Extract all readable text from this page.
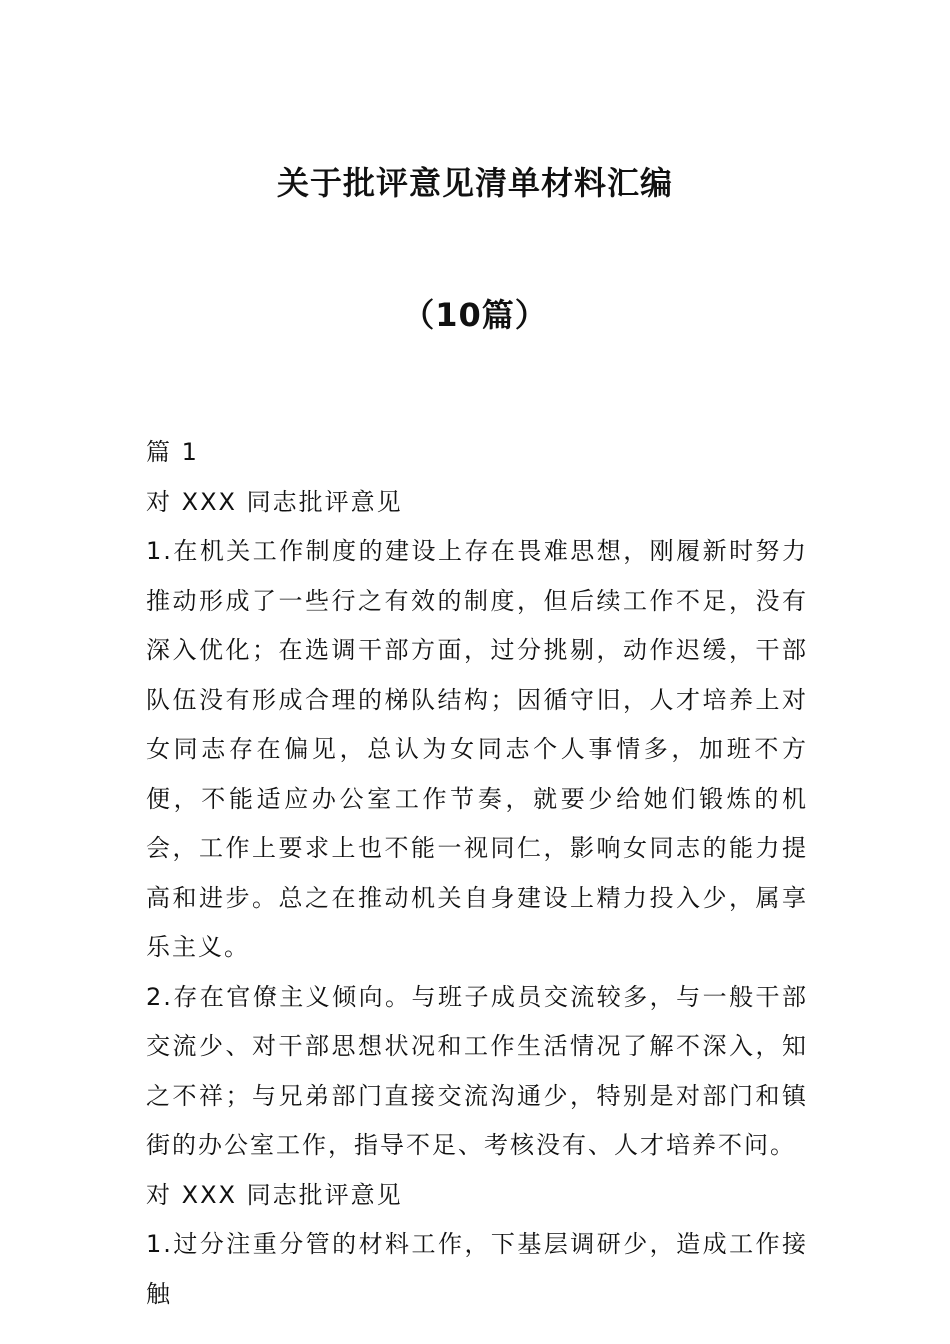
关于批评意见清单材料汇编
（10篇）

篇 1

对 XXX 同志批评意见

1.在机关工作制度的建设上存在畏难思想，刚履新时努力推动形成了一些行之有效的制度，但后续工作不足，没有深入优化；在选调干部方面，过分挑剔，动作迟缓，干部队伍没有形成合理的梯队结构；因循守旧，人才培养上对女同志存在偏见，总认为女同志个人事情多，加班不方便，不能适应办公室工作节奏，就要少给她们锻炼的机会，工作上要求上也不能一视同仁，影响女同志的能力提高和进步。总之在推动机关自身建设上精力投入少，属享乐主义。

2.存在官僚主义倾向。与班子成员交流较多，与一般干部交流少、对干部思想状况和工作生活情况了解不深入，知之不祥；与兄弟部门直接交流沟通少，特别是对部门和镇街的办公室工作，指导不足、考核没有、人才培养不问。

对 XXX 同志批评意见

1.过分注重分管的材料工作，下基层调研少，造成工作接触
